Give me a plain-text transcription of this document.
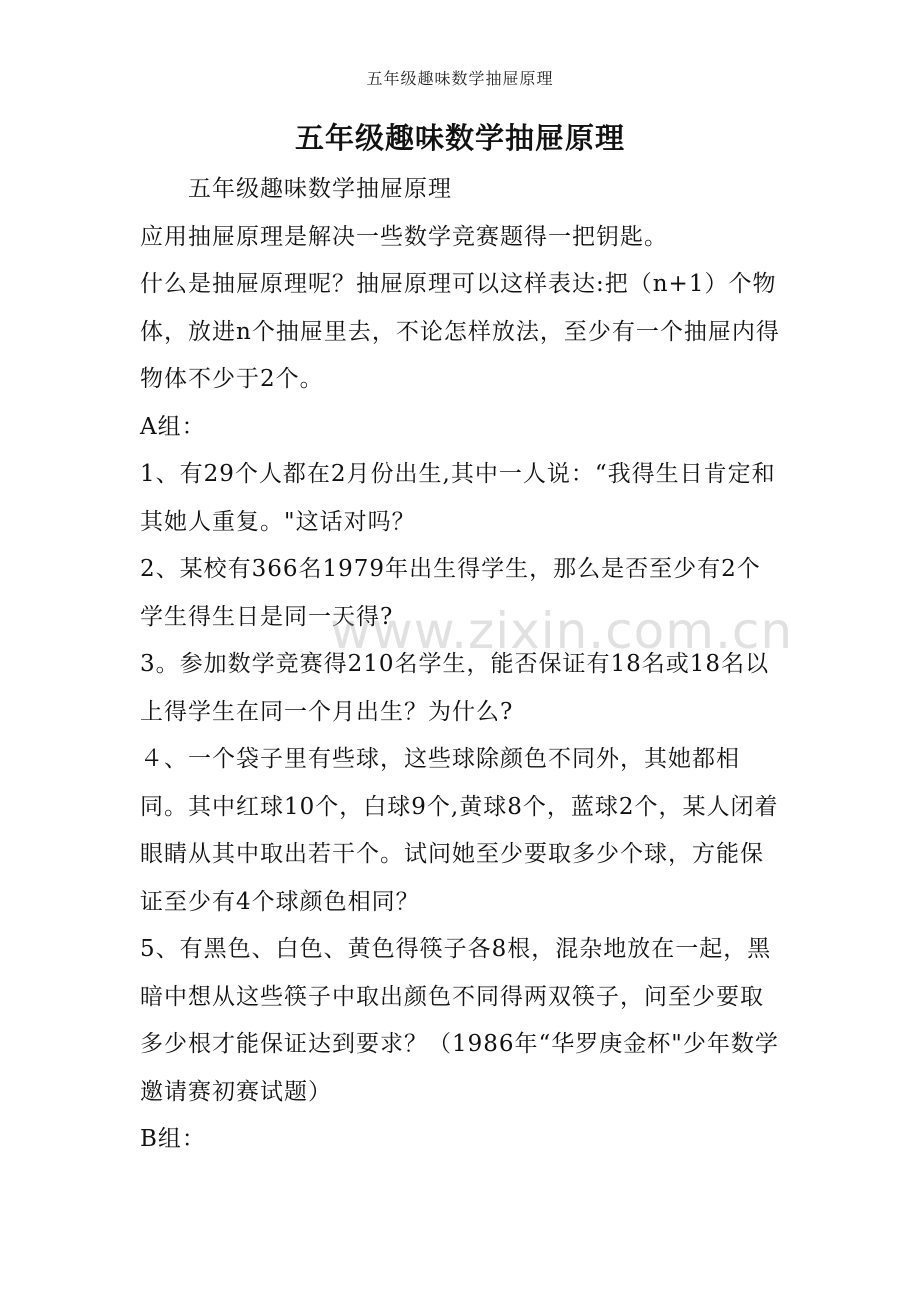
五年级趣味数学抽屉原理
五年级趣味数学抽屉原理

五年级趣味数学抽屉原理

应用抽屉原理是解决一些数学竞赛题得一把钥匙。

什么是抽屉原理呢？抽屉原理可以这样表达:把（n+1）个物体，放进n个抽屉里去，不论怎样放法，至少有一个抽屉内得物体不少于2个。

A组：

1、有29个人都在2月份出生,其中一人说：“我得生日肯定和其她人重复。"这话对吗？

2、某校有366名1979年出生得学生，那么是否至少有2个学生得生日是同一天得?

3。参加数学竞赛得210名学生，能否保证有18名或18名以上得学生在同一个月出生？为什么?

４、一个袋子里有些球，这些球除颜色不同外，其她都相同。其中红球10个，白球9个,黄球8个，蓝球2个，某人闭着眼睛从其中取出若干个。试问她至少要取多少个球，方能保证至少有4个球颜色相同？

5、有黑色、白色、黄色得筷子各8根，混杂地放在一起，黑暗中想从这些筷子中取出颜色不同得两双筷子，问至少要取多少根才能保证达到要求？（1986年“华罗庚金杯"少年数学邀请赛初赛试题）

B组：

www.zixin.com.cn
